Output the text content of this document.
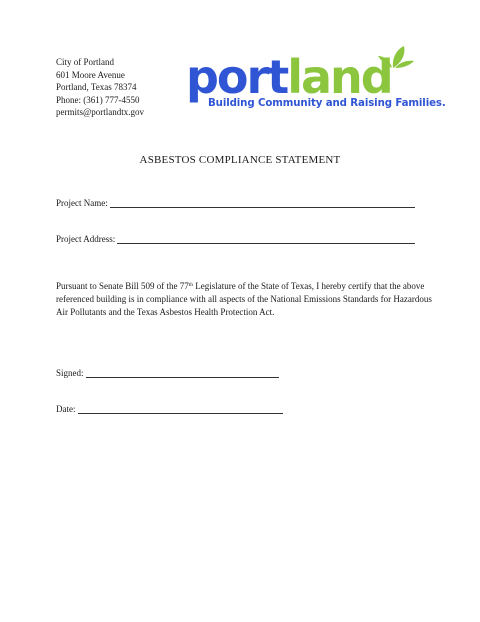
City of Portland
601 Moore Avenue
Portland, Texas 78374
Phone: (361) 777-4550
permits@portlandtx.gov
portland
Building Community and Raising Families.
ASBESTOS COMPLIANCE STATEMENT
Project Name:
Project Address:
Pursuant to Senate Bill 509 of the 77th Legislature of the State of Texas, I hereby certify that the above referenced building is in compliance with all aspects of the National Emissions Standards for Hazardous Air Pollutants and the Texas Asbestos Health Protection Act.
Signed:
Date:
